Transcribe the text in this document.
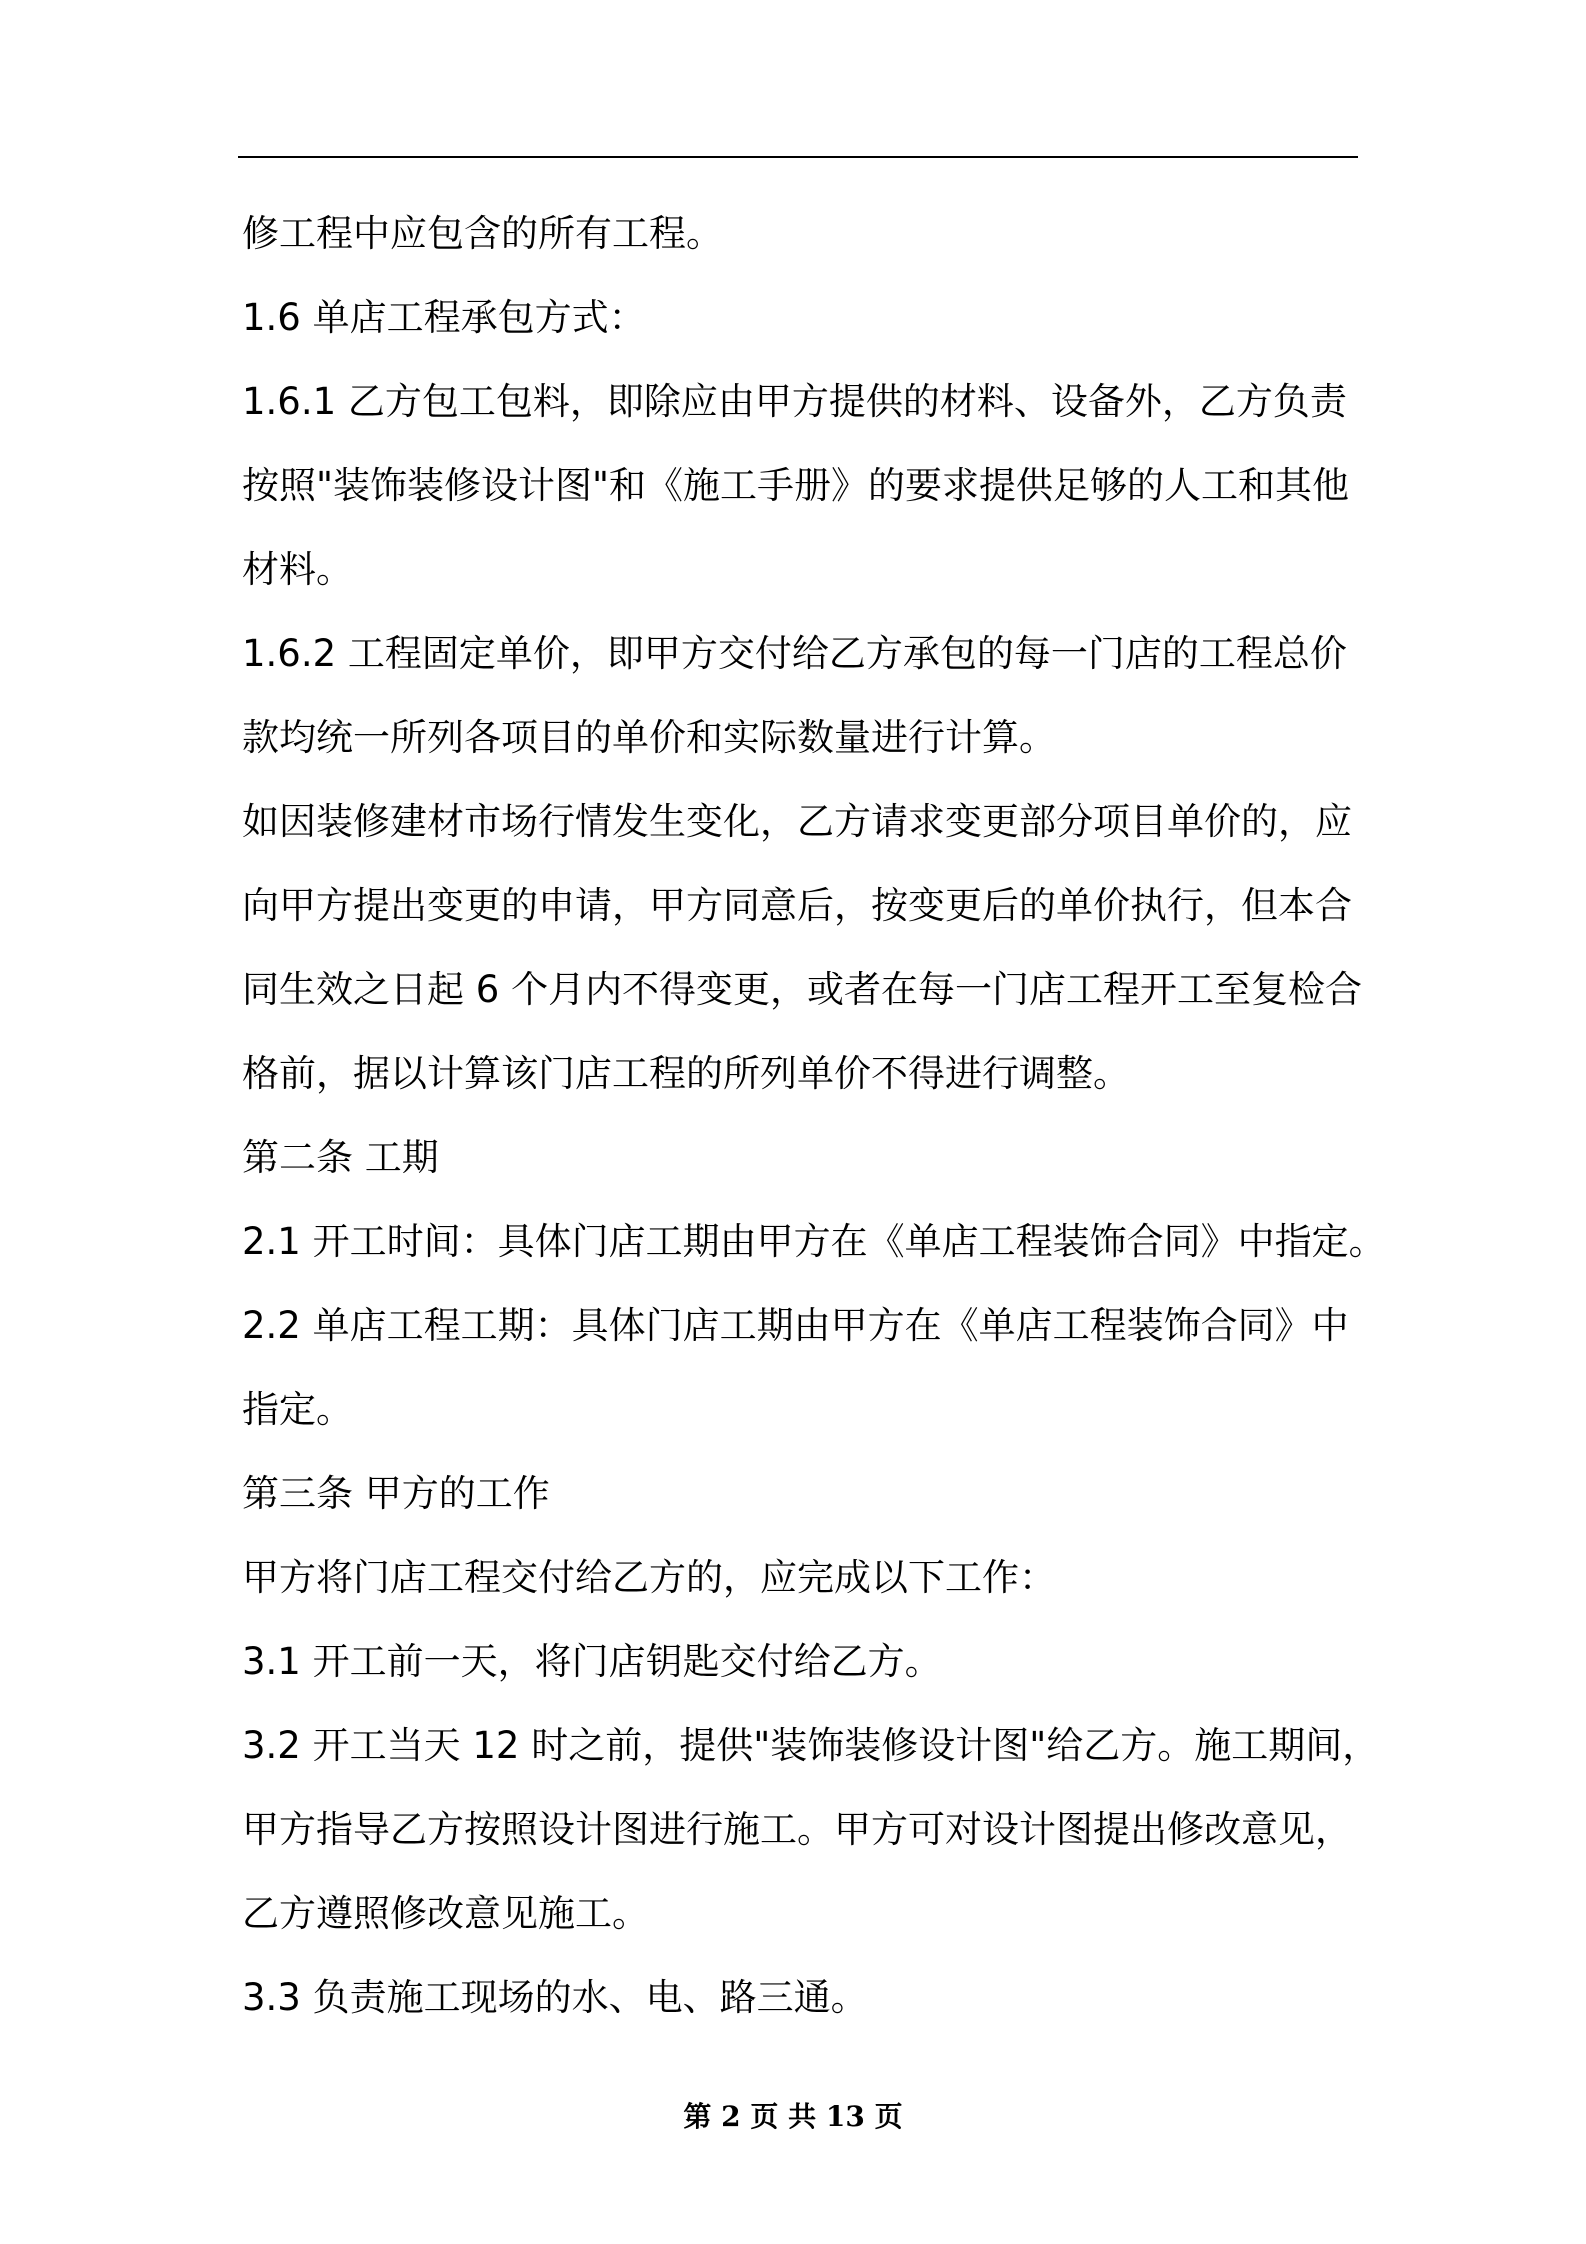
修工程中应包含的所有工程。
1.6 单店工程承包方式：
1.6.1 乙方包工包料，即除应由甲方提供的材料、设备外，乙方负责
按照"装饰装修设计图"和《施工手册》的要求提供足够的人工和其他
材料。
1.6.2 工程固定单价，即甲方交付给乙方承包的每一门店的工程总价
款均统一所列各项目的单价和实际数量进行计算。
如因装修建材市场行情发生变化，乙方请求变更部分项目单价的，应
向甲方提出变更的申请，甲方同意后，按变更后的单价执行，但本合
同生效之日起 6 个月内不得变更，或者在每一门店工程开工至复检合
格前，据以计算该门店工程的所列单价不得进行调整。
第二条 工期
2.1 开工时间：具体门店工期由甲方在《单店工程装饰合同》中指定。
2.2 单店工程工期：具体门店工期由甲方在《单店工程装饰合同》中
指定。
第三条 甲方的工作
甲方将门店工程交付给乙方的，应完成以下工作：
3.1 开工前一天，将门店钥匙交付给乙方。
3.2 开工当天 12 时之前，提供"装饰装修设计图"给乙方。施工期间，
甲方指导乙方按照设计图进行施工。甲方可对设计图提出修改意见，
乙方遵照修改意见施工。
3.3 负责施工现场的水、电、路三通。
第 2 页 共 13 页
